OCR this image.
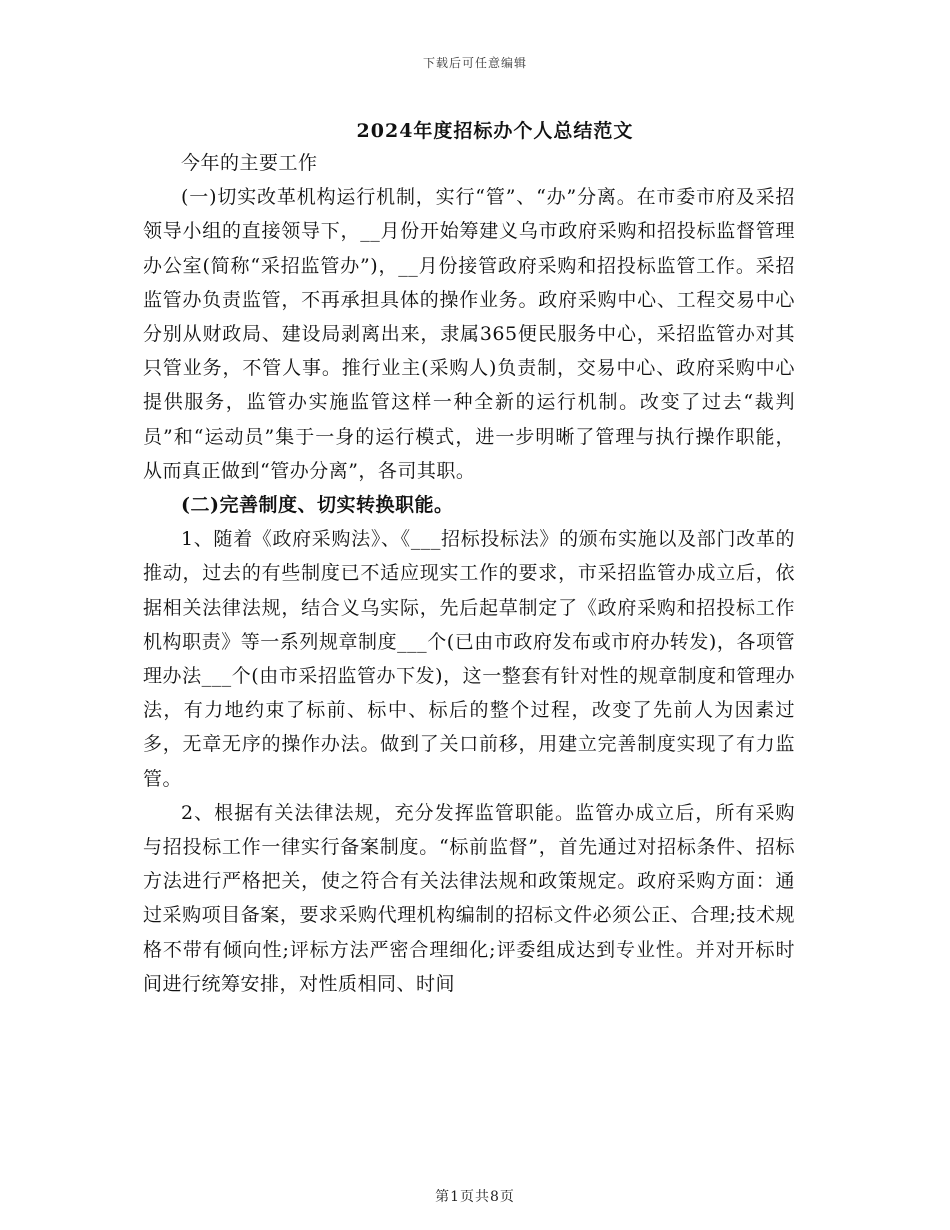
下载后可任意编辑
2024年度招标办个人总结范文

今年的主要工作

(一)切实改革机构运行机制，实行“管”、“办”分离。在市委市府及采招领导小组的直接领导下，__月份开始筹建义乌市政府采购和招投标监督管理办公室(简称“采招监管办”)，__月份接管政府采购和招投标监管工作。采招监管办负责监管，不再承担具体的操作业务。政府采购中心、工程交易中心分别从财政局、建设局剥离出来，隶属365便民服务中心，采招监管办对其只管业务，不管人事。推行业主(采购人)负责制，交易中心、政府采购中心提供服务，监管办实施监管这样一种全新的运行机制。改变了过去“裁判员”和“运动员”集于一身的运行模式，进一步明晰了管理与执行操作职能，从而真正做到“管办分离”，各司其职。

(二)完善制度、切实转换职能。

1、随着《政府采购法》、《___招标投标法》的颁布实施以及部门改革的推动，过去的有些制度已不适应现实工作的要求，市采招监管办成立后，依据相关法律法规，结合义乌实际，先后起草制定了《政府采购和招投标工作机构职责》等一系列规章制度___个(已由市政府发布或市府办转发)，各项管理办法___个(由市采招监管办下发)，这一整套有针对性的规章制度和管理办法，有力地约束了标前、标中、标后的整个过程，改变了先前人为因素过多，无章无序的操作办法。做到了关口前移，用建立完善制度实现了有力监管。

2、根据有关法律法规，充分发挥监管职能。监管办成立后，所有采购与招投标工作一律实行备案制度。“标前监督”，首先通过对招标条件、招标方法进行严格把关，使之符合有关法律法规和政策规定。政府采购方面：通过采购项目备案，要求采购代理机构编制的招标文件必须公正、合理;技术规格不带有倾向性;评标方法严密合理细化;评委组成达到专业性。并对开标时间进行统筹安排，对性质相同、时间

第1页共8页
